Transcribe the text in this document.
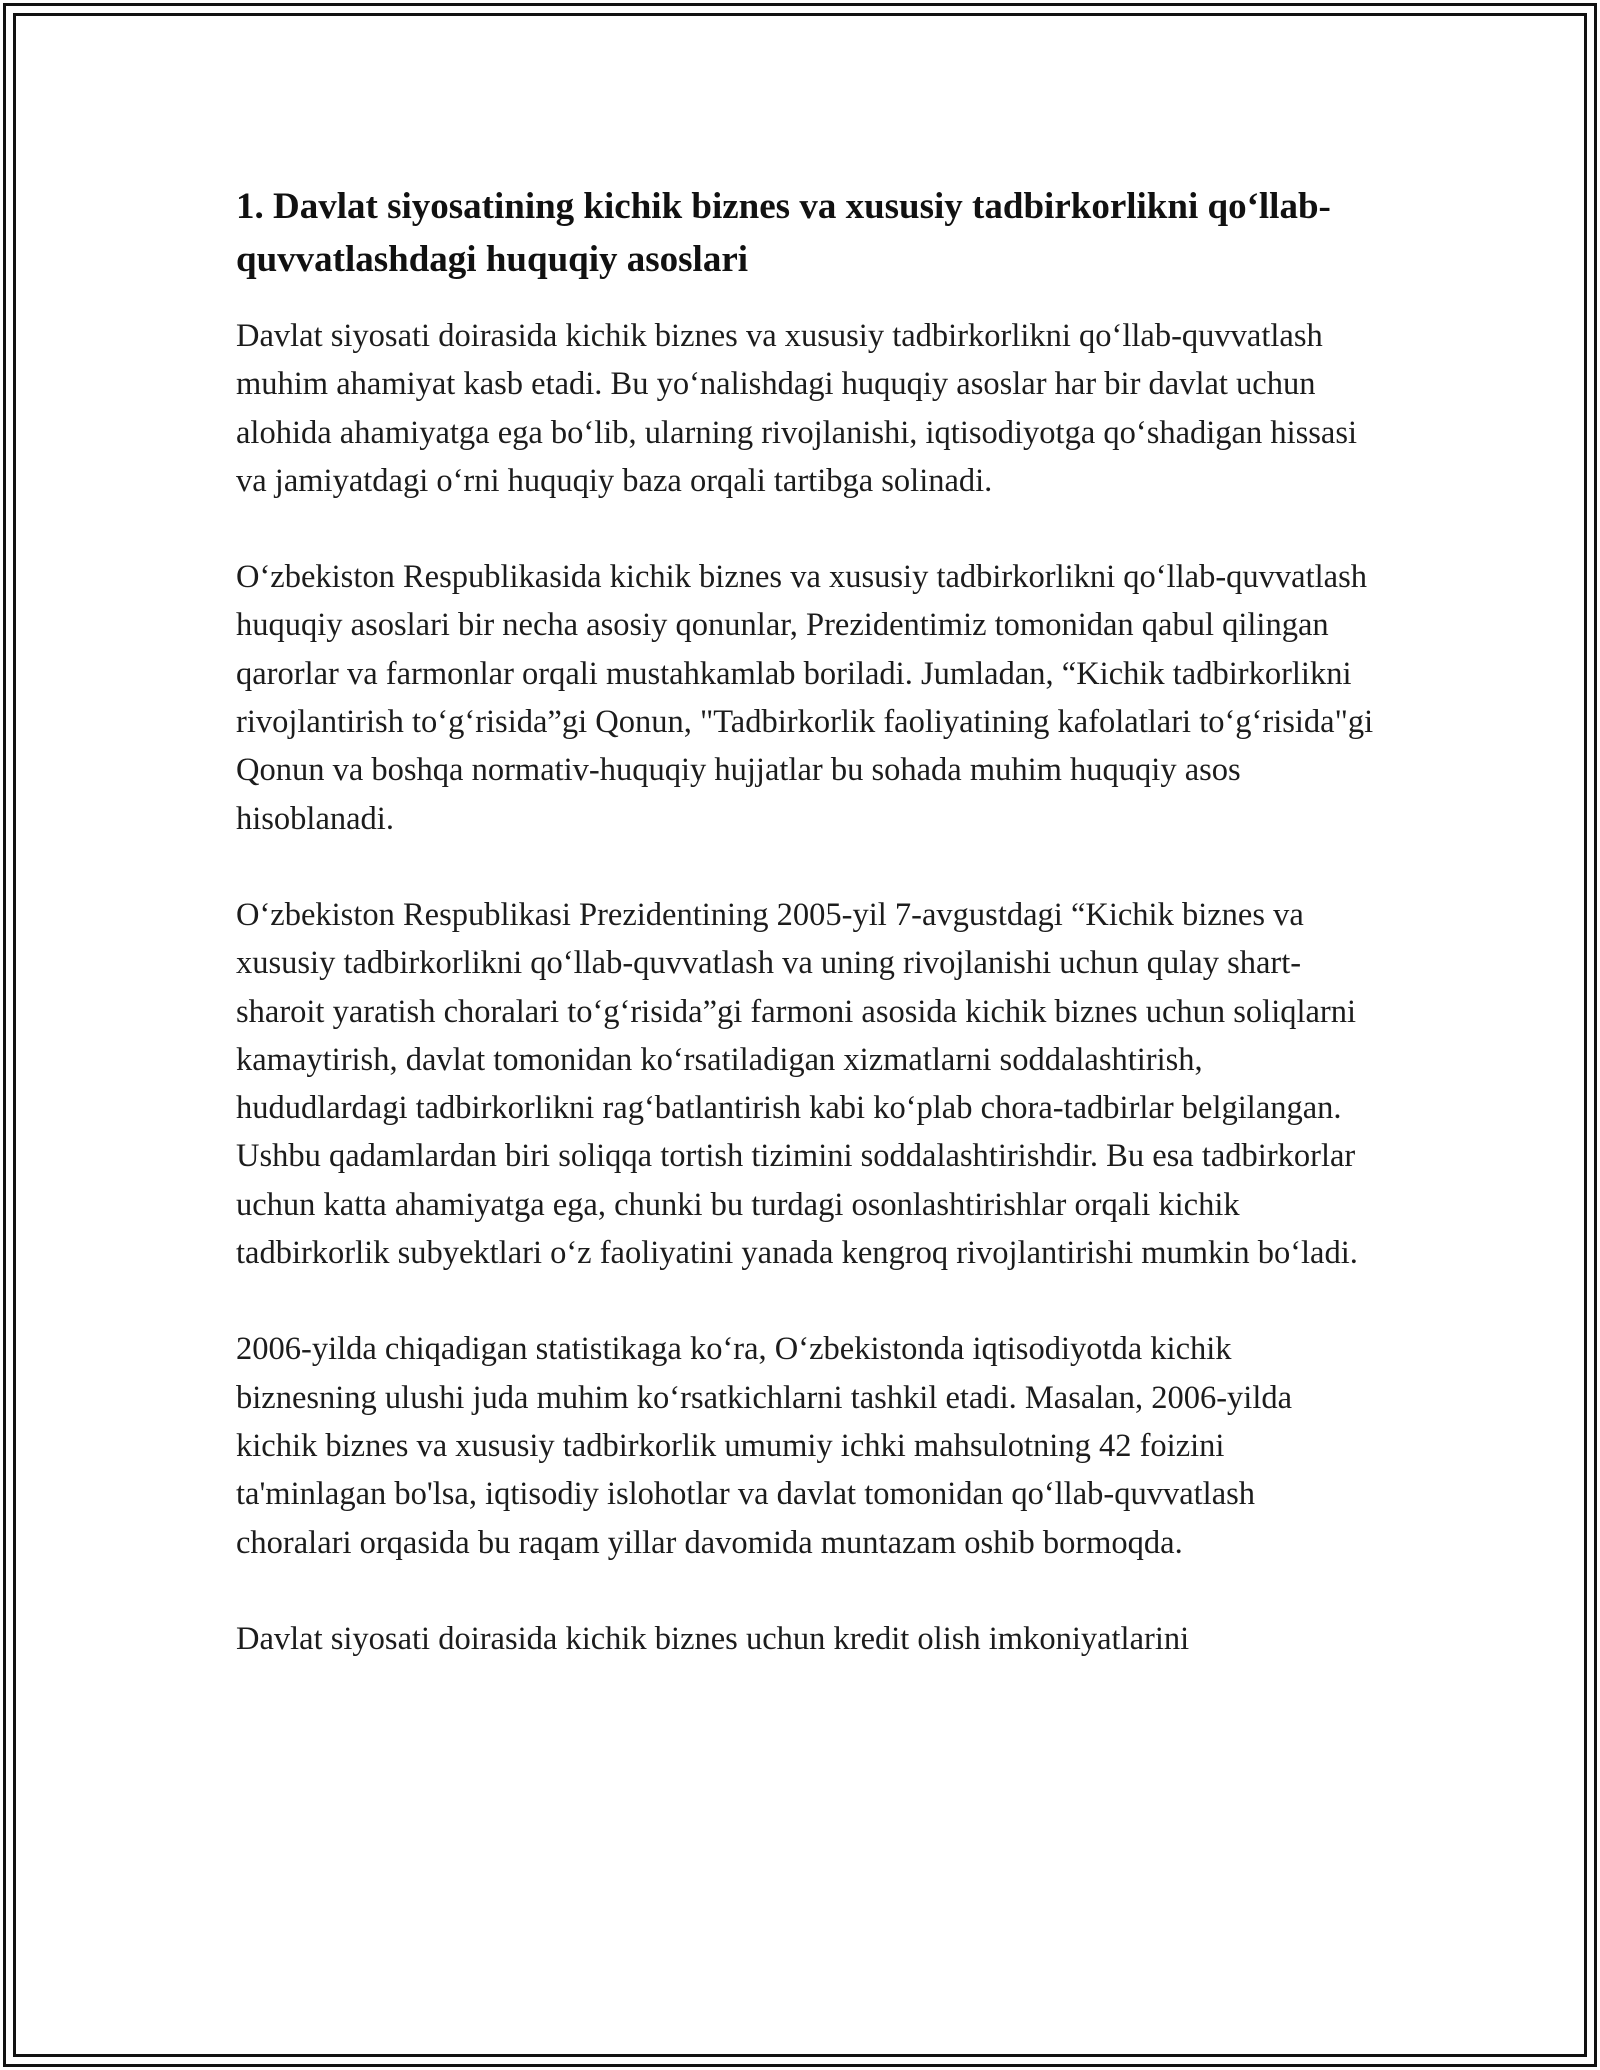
1. Davlat siyosatining kichik biznes va xususiy tadbirkorlikni qo‘llab-quvvatlashdagi huquqiy asoslari

Davlat siyosati doirasida kichik biznes va xususiy tadbirkorlikni qo‘llab-quvvatlash muhim ahamiyat kasb etadi. Bu yo‘nalishdagi huquqiy asoslar har bir davlat uchun alohida ahamiyatga ega bo‘lib, ularning rivojlanishi, iqtisodiyotga qo‘shadigan hissasi va jamiyatdagi o‘rni huquqiy baza orqali tartibga solinadi.

O‘zbekiston Respublikasida kichik biznes va xususiy tadbirkorlikni qo‘llab-quvvatlash huquqiy asoslari bir necha asosiy qonunlar, Prezidentimiz tomonidan qabul qilingan qarorlar va farmonlar orqali mustahkamlab boriladi. Jumladan, “Kichik tadbirkorlikni rivojlantirish to‘g‘risida”gi Qonun, "Tadbirkorlik faoliyatining kafolatlari to‘g‘risida"gi Qonun va boshqa normativ-huquqiy hujjatlar bu sohada muhim huquqiy asos hisoblanadi.

O‘zbekiston Respublikasi Prezidentining 2005-yil 7-avgustdagi “Kichik biznes va xususiy tadbirkorlikni qo‘llab-quvvatlash va uning rivojlanishi uchun qulay shart-sharoit yaratish choralari to‘g‘risida”gi farmoni asosida kichik biznes uchun soliqlarni kamaytirish, davlat tomonidan ko‘rsatiladigan xizmatlarni soddalashtirish, hududlardagi tadbirkorlikni rag‘batlantirish kabi ko‘plab chora-tadbirlar belgilangan. Ushbu qadamlardan biri soliqqa tortish tizimini soddalashtirishdir. Bu esa tadbirkorlar uchun katta ahamiyatga ega, chunki bu turdagi osonlashtirishlar orqali kichik tadbirkorlik subyektlari o‘z faoliyatini yanada kengroq rivojlantirishi mumkin bo‘ladi.

2006-yilda chiqadigan statistikaga ko‘ra, O‘zbekistonda iqtisodiyotda kichik biznesning ulushi juda muhim ko‘rsatkichlarni tashkil etadi. Masalan, 2006-yilda kichik biznes va xususiy tadbirkorlik umumiy ichki mahsulotning 42 foizini ta'minlagan bo'lsa, iqtisodiy islohotlar va davlat tomonidan qo‘llab-quvvatlash choralari orqasida bu raqam yillar davomida muntazam oshib bormoqda.

Davlat siyosati doirasida kichik biznes uchun kredit olish imkoniyatlarini
